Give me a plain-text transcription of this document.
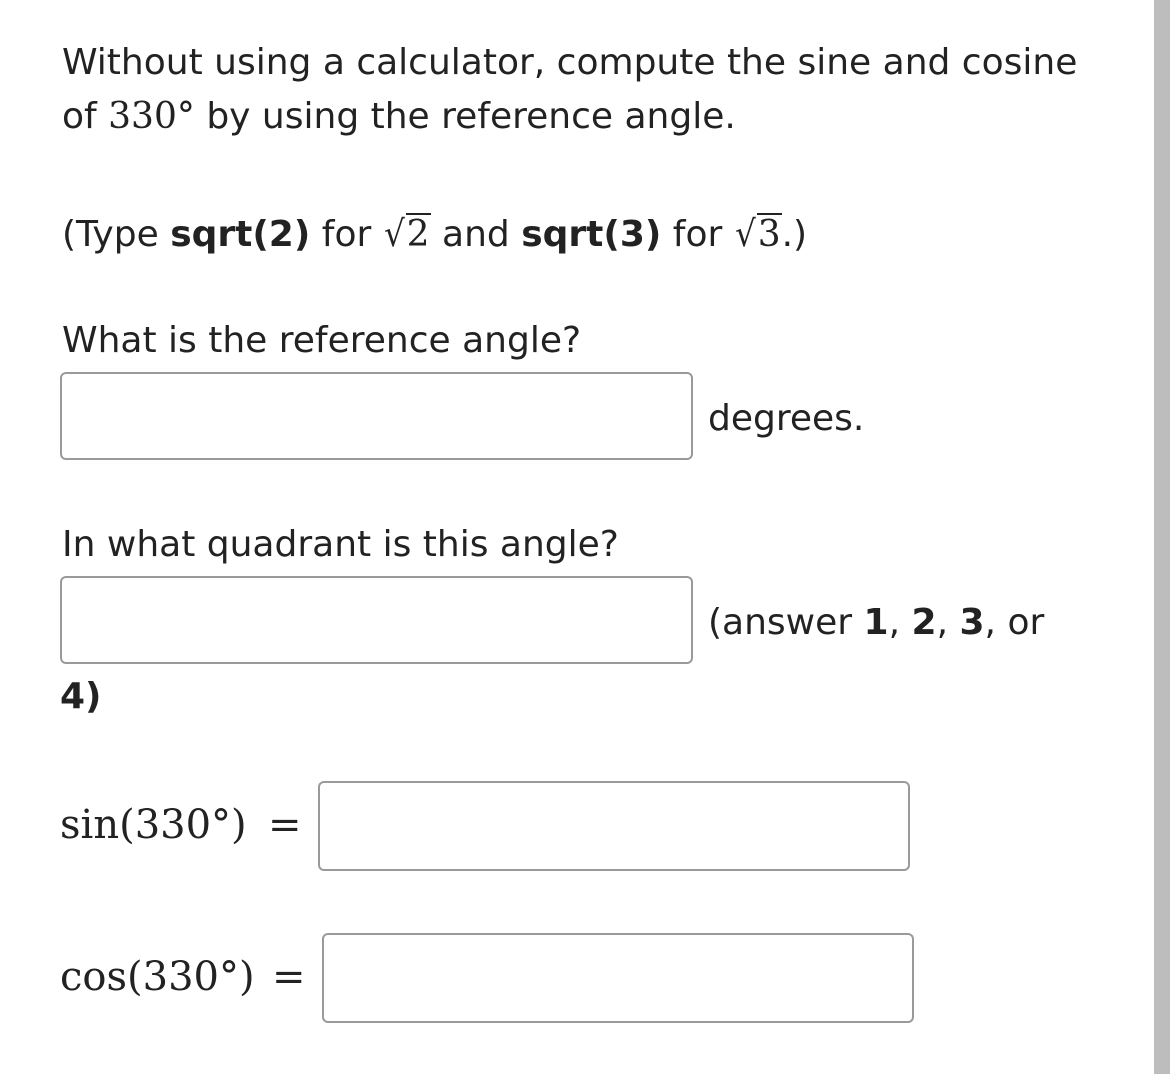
Without using a calculator, compute the sine and cosine
of 330° by using the reference angle.
(Type sqrt(2) for √2 and sqrt(3) for √3.)
What is the reference angle?
degrees.
In what quadrant is this angle?
(answer 1, 2, 3, or
4)
sin(330°) =
cos(330°) =
